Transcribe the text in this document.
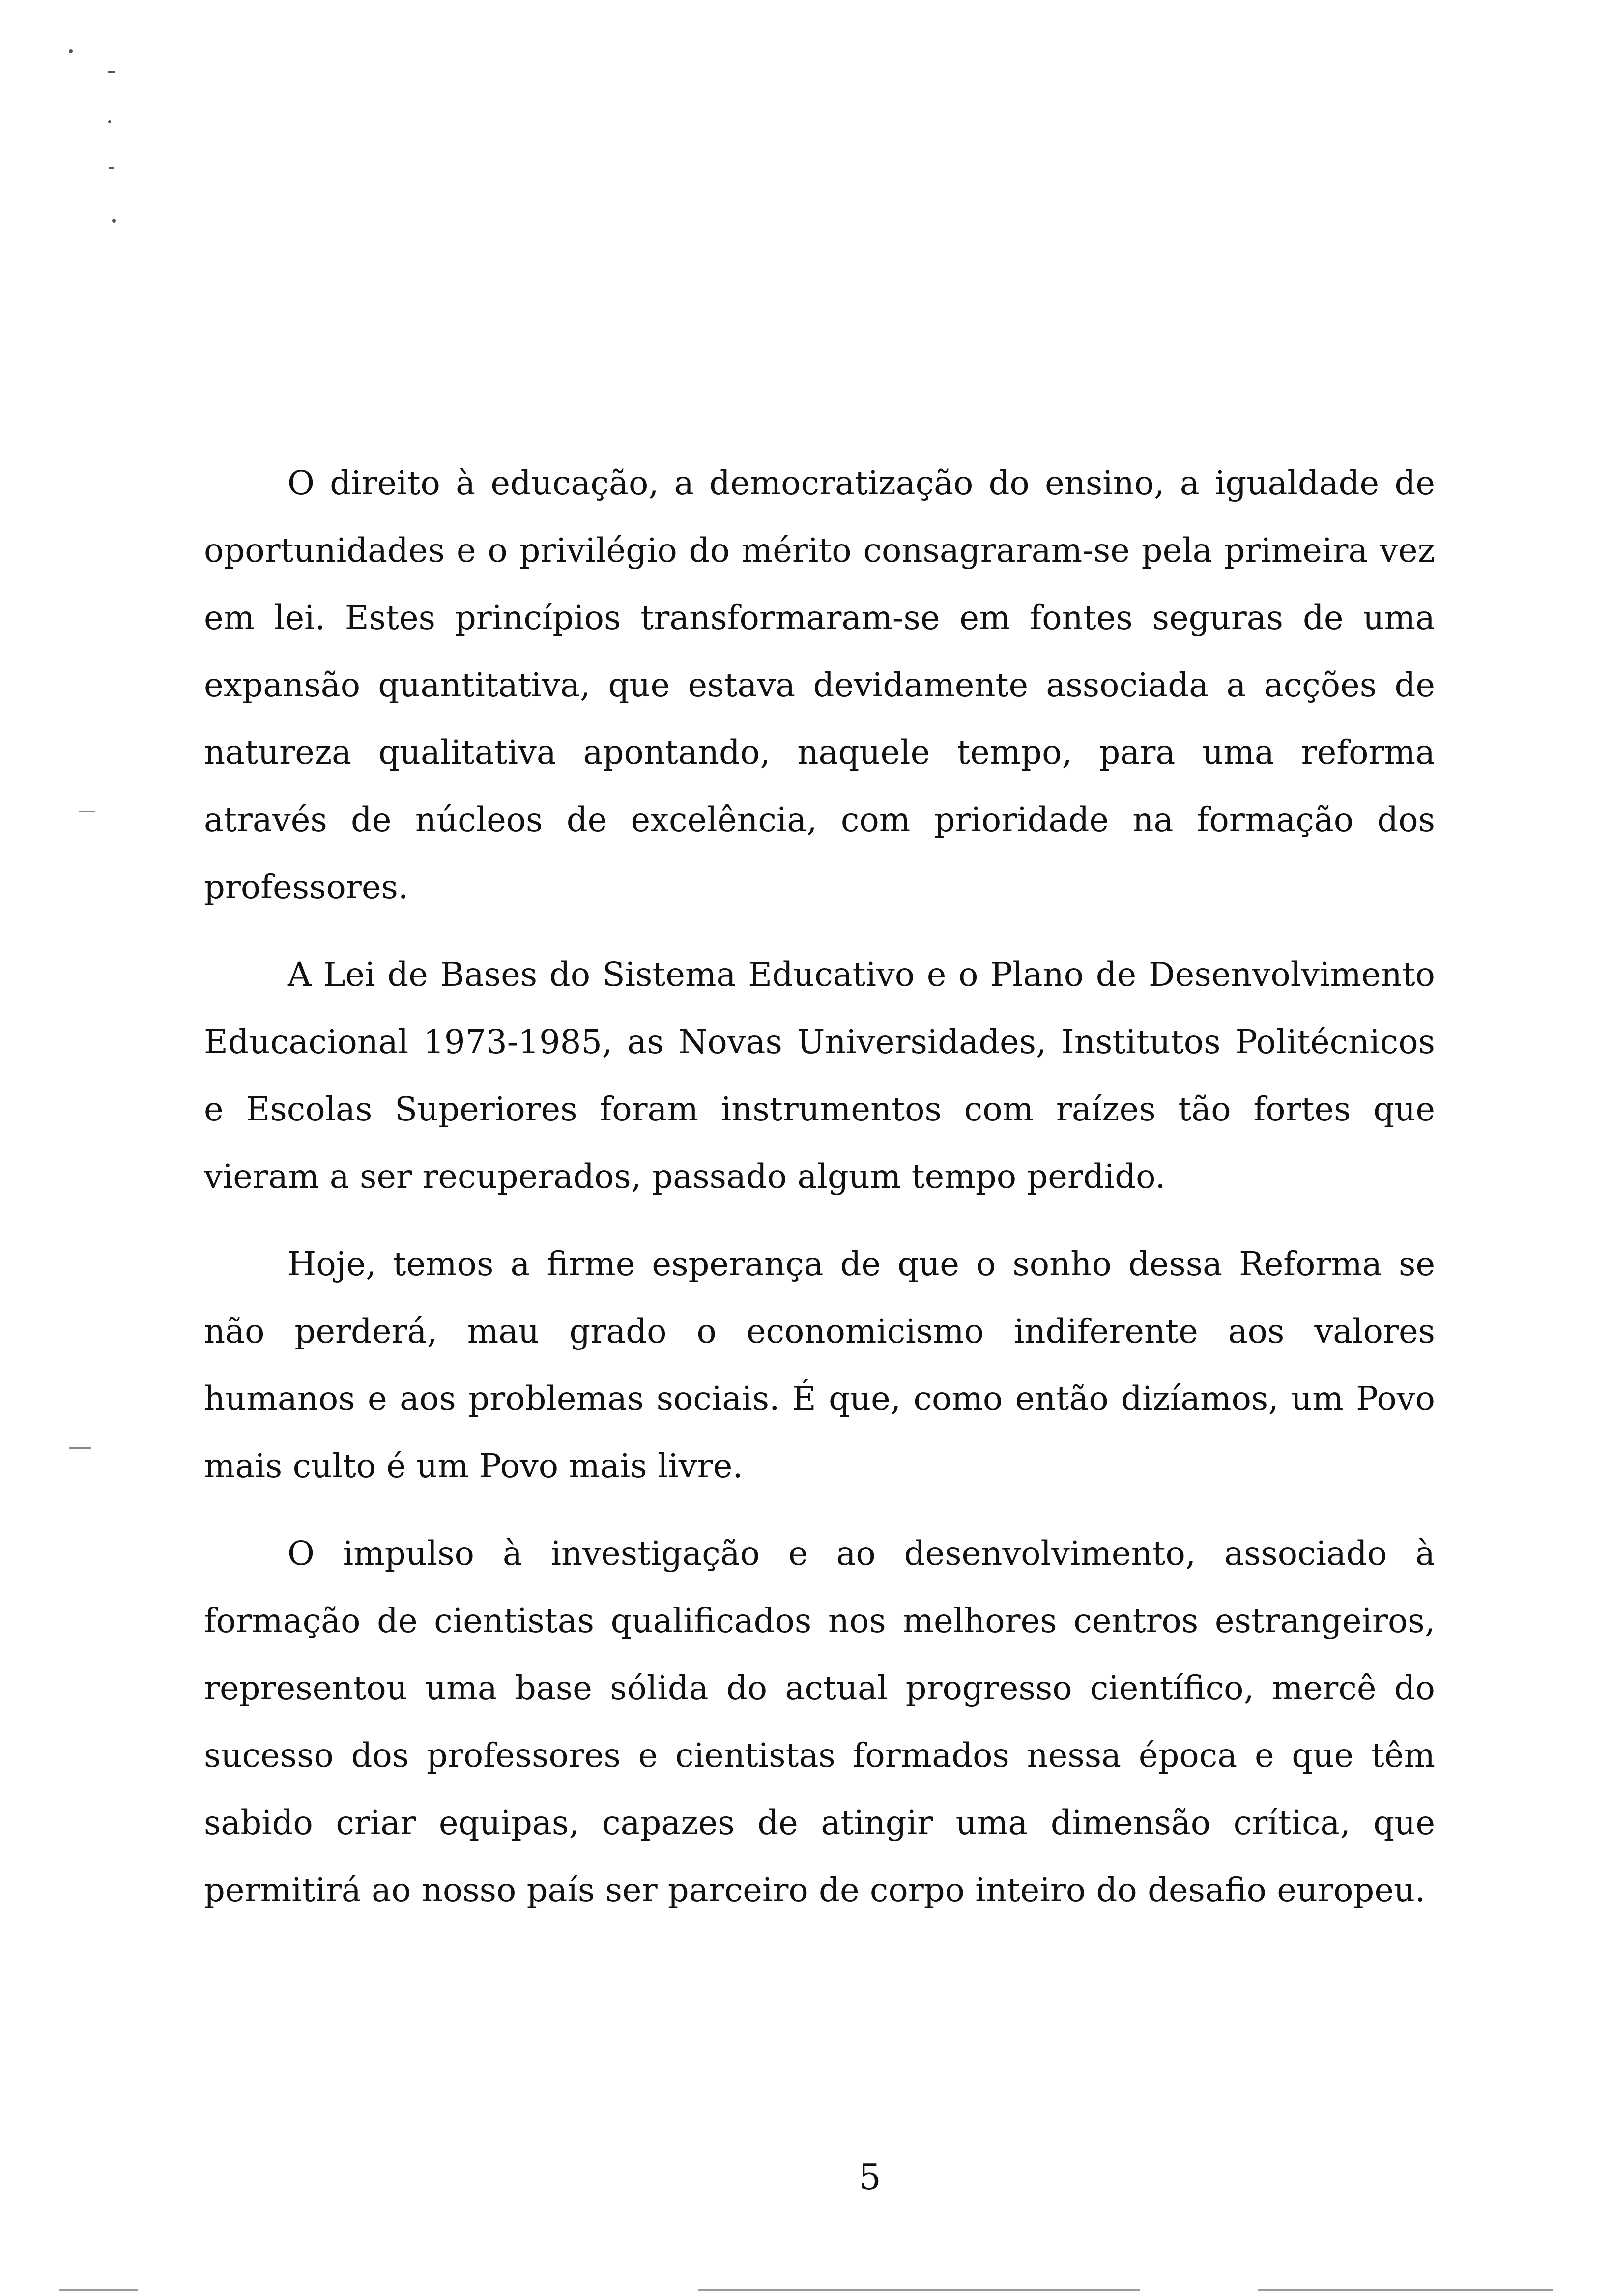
O direito à educação, a democratização do ensino, a igualdade de oportunidades e o privilégio do mérito consagraram-se pela primeira vez em lei. Estes princípios transformaram-se em fontes seguras de uma expansão quantitativa, que estava devidamente associada a acções de natureza qualitativa apontando, naquele tempo, para uma reforma através de núcleos de excelência, com prioridade na formação dos professores.

A Lei de Bases do Sistema Educativo e o Plano de Desenvolvimento Educacional 1973-1985, as Novas Universidades, Institutos Politécnicos e Escolas Superiores foram instrumentos com raízes tão fortes que vieram a ser recuperados, passado algum tempo perdido.

Hoje, temos a firme esperança de que o sonho dessa Reforma se não perderá, mau grado o economicismo indiferente aos valores humanos e aos problemas sociais. É que, como então dizíamos, um Povo mais culto é um Povo mais livre.

O impulso à investigação e ao desenvolvimento, associado à formação de cientistas qualificados nos melhores centros estrangeiros, representou uma base sólida do actual progresso científico, mercê do sucesso dos professores e cientistas formados nessa época e que têm sabido criar equipas, capazes de atingir uma dimensão crítica, que permitirá ao nosso país ser parceiro de corpo inteiro do desafio europeu.

5
